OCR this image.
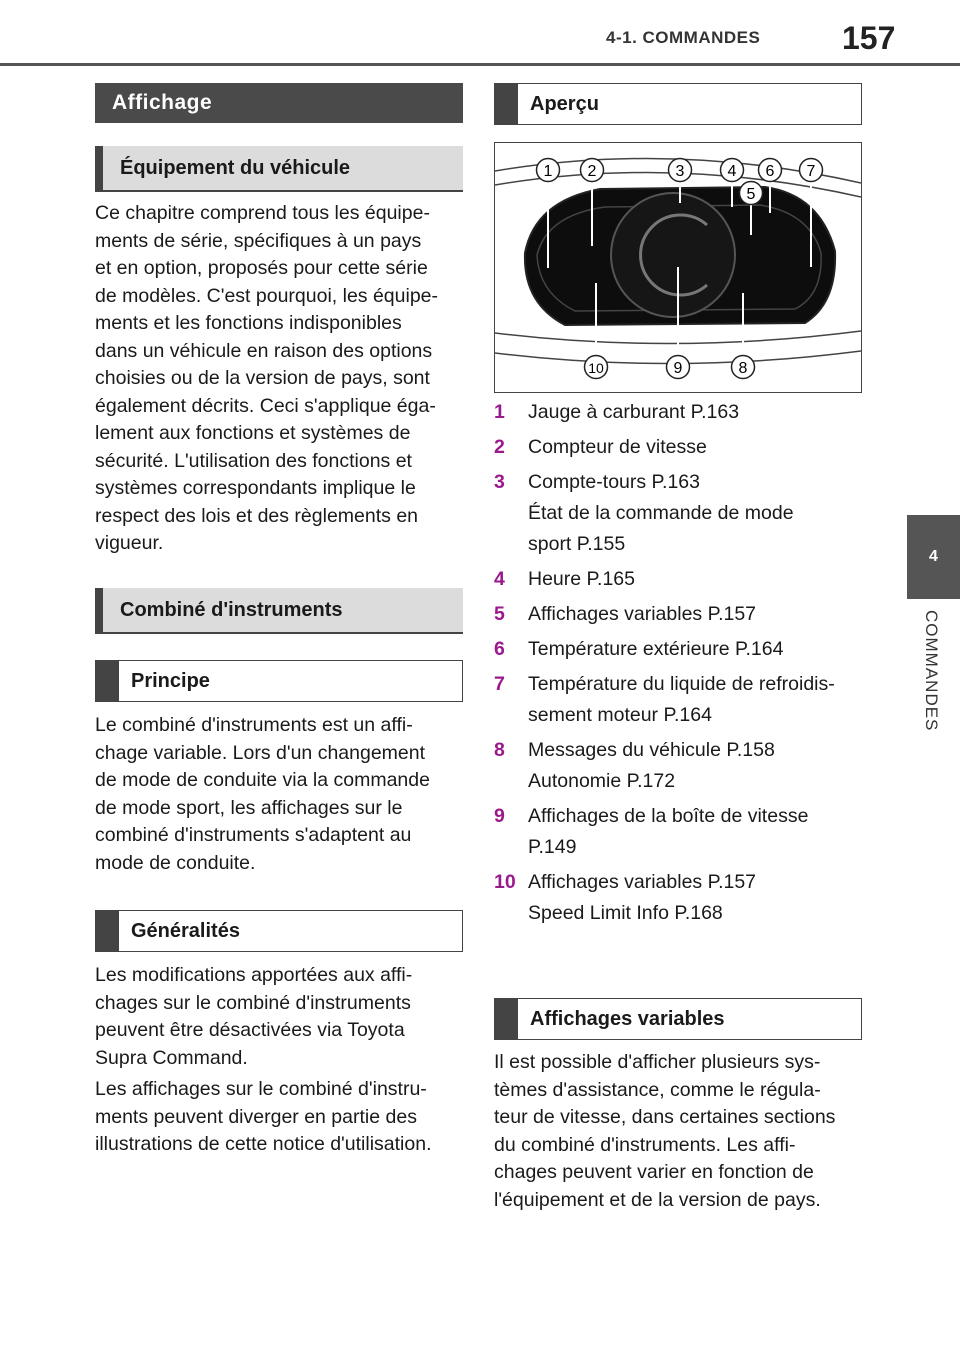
4-1. COMMANDES	157
4
COMMANDES
Affichage
Équipement du véhicule

Ce chapitre comprend tous les équipe-

ments de série, spécifiques à un pays

et en option, proposés pour cette série

de modèles. C'est pourquoi, les équipe-

ments et les fonctions indisponibles

dans un véhicule en raison des options

choisies ou de la version de pays, sont

également décrits. Ceci s'applique éga-

lement aux fonctions et systèmes de

sécurité. L'utilisation des fonctions et

systèmes correspondants implique le

respect des lois et des règlements en

vigueur.

Combiné d'instruments
Principe

Le combiné d'instruments est un affi-

chage variable. Lors d'un changement

de mode de conduite via la commande

de mode sport, les affichages sur le

combiné d'instruments s'adaptent au

mode de conduite.

Généralités

Les modifications apportées aux affi-

chages sur le combiné d'instruments

peuvent être désactivées via Toyota

Supra Command.

Les affichages sur le combiné d'instru-

ments peuvent diverger en partie des

illustrations de cette notice d'utilisation.

Aperçu
1 2	3	4
5
6 7
10	9	8
1	Jauge à carburant P.163
2	Compteur de vitesse
3	Compte-tours P.163
État de la commande de mode
sport P.155
4	Heure P.165
5	Affichages variables P.157
6	Température extérieure P.164
7	Température du liquide de refroidis-
sement moteur P.164
8	Messages du véhicule P.158
Autonomie P.172
9	Affichages de la boîte de vitesse
P.149
10 Affichages variables P.157
Speed Limit Info P.168
Affichages variables

Il est possible d'afficher plusieurs sys-

tèmes d'assistance, comme le régula-

teur de vitesse, dans certaines sections

du combiné d'instruments. Les affi-

chages peuvent varier en fonction de

l'équipement et de la version de pays.
